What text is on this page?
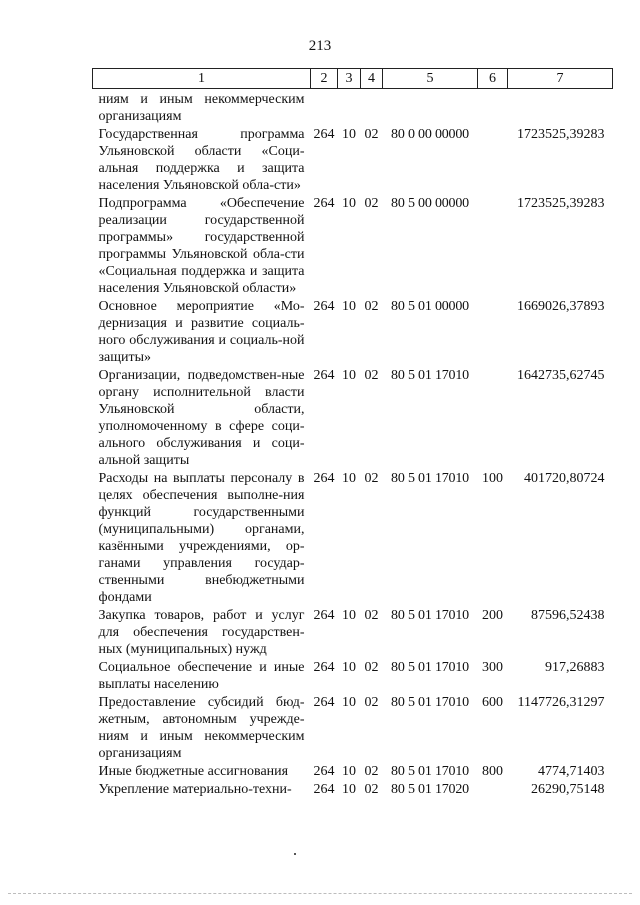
213
1	2	3	4	5	6	7
ниям и иным некоммерческим организациям						
Государственная программа Ульяновской области «Соци-альная поддержка и защита населения Ульяновской обла-сти»	264	10	02	80 0 00 00000		1723525,39283
Подпрограмма «Обеспечение реализации государственной программы» государственной программы Ульяновской обла-сти «Социальная поддержка и защита населения Ульяновской области»	264	10	02	80 5 00 00000		1723525,39283
Основное мероприятие «Мо-дернизация и развитие социаль-ного обслуживания и социаль-ной защиты»	264	10	02	80 5 01 00000		1669026,37893
Организации, подведомствен-ные органу исполнительной власти Ульяновской области, уполномоченному в сфере соци-ального обслуживания и соци-альной защиты	264	10	02	80 5 01 17010		1642735,62745
Расходы на выплаты персоналу в целях обеспечения выполне-ния функций государственными (муниципальными) органами, казёнными учреждениями, ор-ганами управления государ-ственными внебюджетными фондами	264	10	02	80 5 01 17010	100	401720,80724
Закупка товаров, работ и услуг для обеспечения государствен-ных (муниципальных) нужд	264	10	02	80 5 01 17010	200	87596,52438
Социальное обеспечение и иные выплаты населению	264	10	02	80 5 01 17010	300	917,26883
Предоставление субсидий бюд-жетным, автономным учрежде-ниям и иным некоммерческим организациям	264	10	02	80 5 01 17010	600	1147726,31297
Иные бюджетные ассигнования	264	10	02	80 5 01 17010	800	4774,71403
Укрепление материально-техни-	264	10	02	80 5 01 17020		26290,75148
